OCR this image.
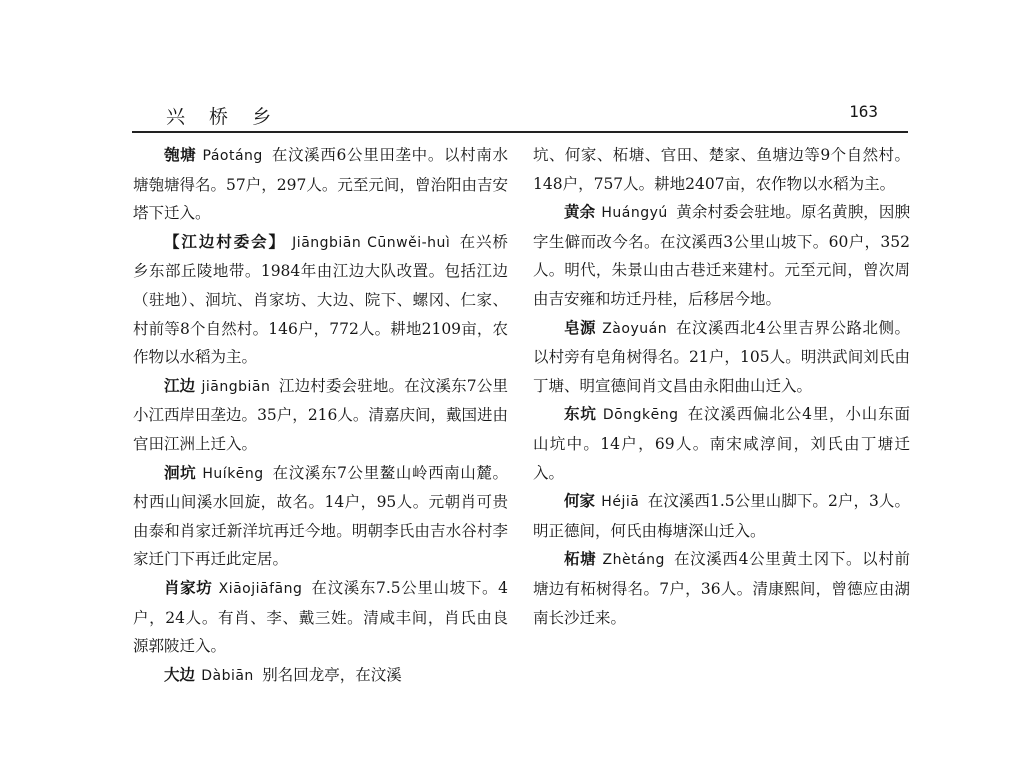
兴 桥 乡	163

匏塘 Páotáng 在汶溪西6公里田垄中。以村南水塘匏塘得名。57户，297人。元至元间，曾治阳由吉安塔下迁入。

【江边村委会】 Jiāngbiān Cūnwěi-huì 在兴桥乡东部丘陵地带。1984年由江边大队改置。包括江边（驻地）、洄坑、肖家坊、大边、院下、螺冈、仁家、村前等8个自然村。146户，772人。耕地2109亩，农作物以水稻为主。

江边 jiāngbiān 江边村委会驻地。在汶溪东7公里小江西岸田垄边。35户，216人。清嘉庆间，戴国进由官田江洲上迁入。

洄坑 Huíkēng 在汶溪东7公里鳌山岭西南山麓。村西山间溪水回旋，故名。14户，95人。元朝肖可贵由泰和肖家迁新洋坑再迁今地。明朝李氏由吉水谷村李家迁门下再迁此定居。

肖家坊 Xiāojiāfāng 在汶溪东7.5公里山坡下。4户，24人。有肖、李、戴三姓。清咸丰间，肖氏由良源郭陂迁入。

大边 Dàbiān 别名回龙亭，在汶溪

坑、何家、柘塘、官田、楚家、鱼塘边等9个自然村。148户，757人。耕地2407亩，农作物以水稻为主。

黄余 Huángyú 黄余村委会驻地。原名黄腴，因腴字生僻而改今名。在汶溪西3公里山坡下。60户，352人。明代，朱景山由古巷迁来建村。元至元间，曾次周由吉安雍和坊迁丹桂，后移居今地。

皂源 Zàoyuán 在汶溪西北4公里吉界公路北侧。以村旁有皂角树得名。21户，105人。明洪武间刘氏由丁塘、明宣德间肖文昌由永阳曲山迁入。

东坑 Dōngkēng 在汶溪西偏北公4里，小山东面山坑中。14户，69人。南宋咸淳间，刘氏由丁塘迁入。

何家 Héjiā 在汶溪西1.5公里山脚下。2户，3人。明正德间，何氏由梅塘深山迁入。

柘塘 Zhètáng 在汶溪西4公里黄土冈下。以村前塘边有柘树得名。7户，36人。清康熙间，曾德应由湖南长沙迁来。
